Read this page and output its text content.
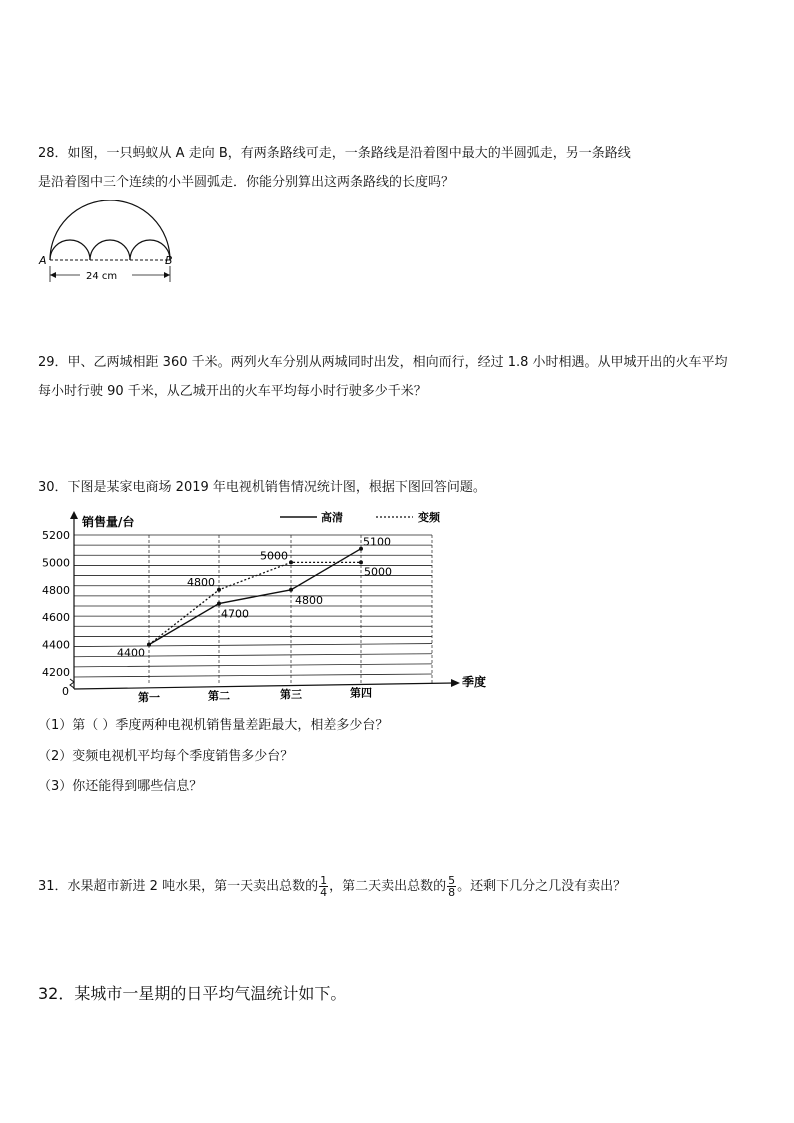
28．如图，一只蚂蚁从 A 走向 B，有两条路线可走，一条路线是沿着图中最大的半圆弧走，另一条路线

是沿着图中三个连续的小半圆弧走．你能分别算出这两条路线的长度吗？

A	B
24 cm

29．甲、乙两城相距 360 千米。两列火车分别从两城同时出发，相向而行，经过 1.8 小时相遇。从甲城开出的火车平均

每小时行驶 90 千米，从乙城开出的火车平均每小时行驶多少千米？

30．下图是某家电商场 2019 年电视机销售情况统计图，根据下图回答问题。

销售量/台
季度
0
高清	变频
4200
4400
4600
4800
5000
5200
第一	第二	第三	第四
4400
4700
4800
5100
4800
5000
5000
（1）第（ ）季度两种电视机销售量差距最大，相差多少台？
（2）变频电视机平均每个季度销售多少台？
（3）你还能得到哪些信息？

31．水果超市新进 2 吨水果，第一天卖出总数的 $\frac{1}{4}$ ，第二天卖出总数的 $\frac{5}{8}$ 。还剩下几分之几没有卖出？

32．某城市一星期的日平均气温统计如下。
